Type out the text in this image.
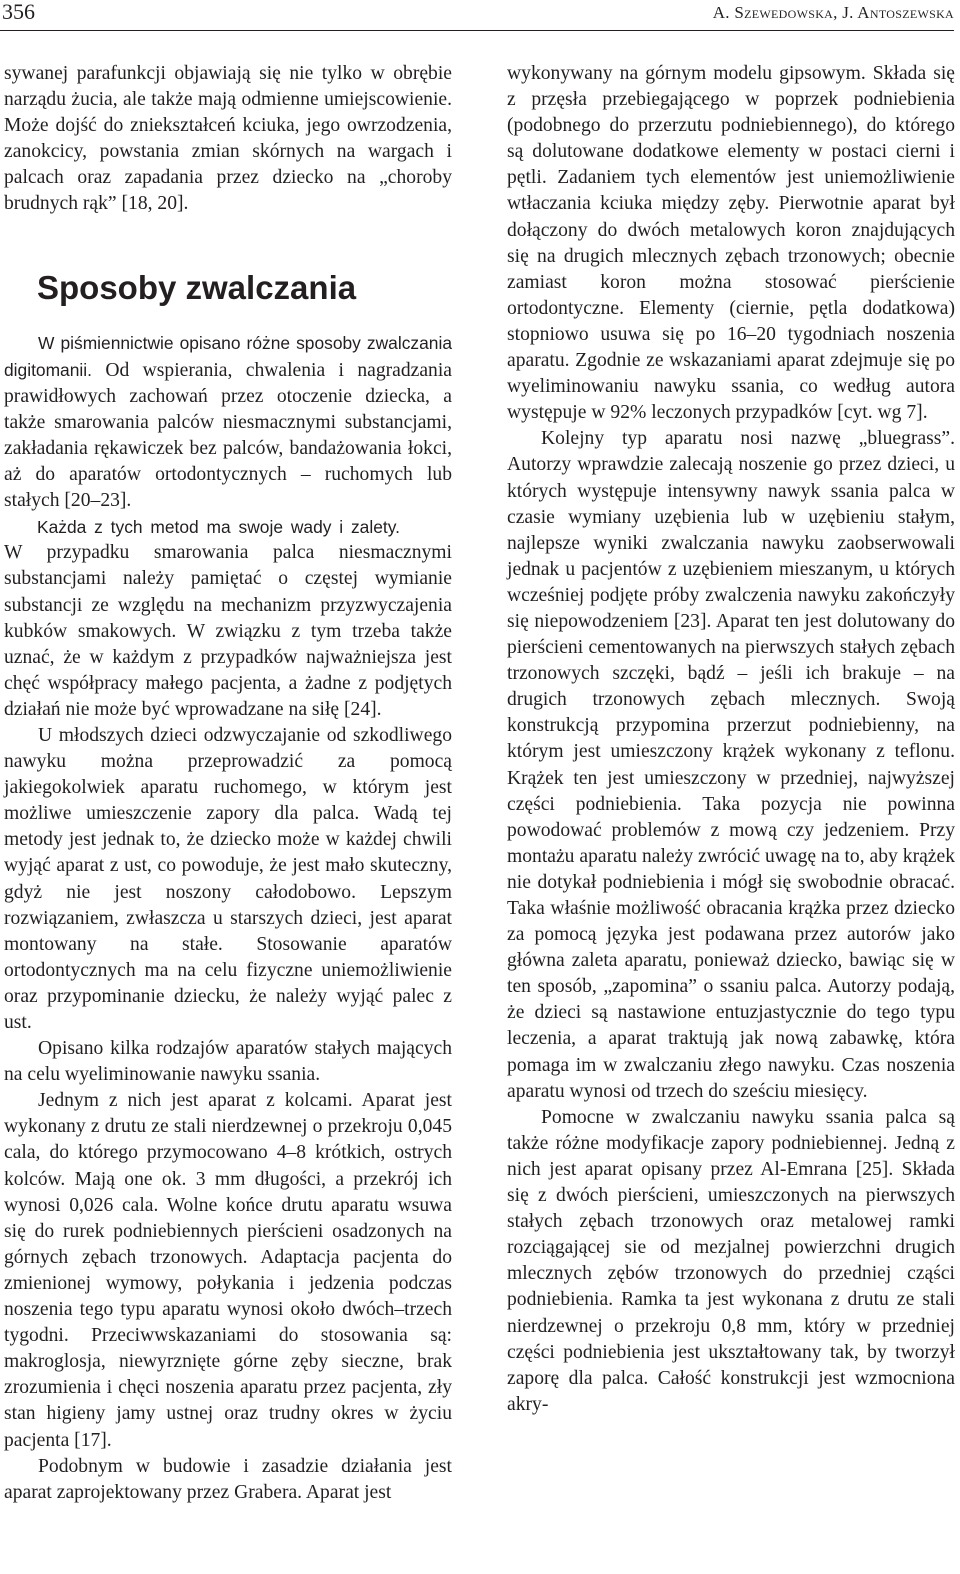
356	A. Szewedowska, J. Antoszewska

sywanej parafunkcji objawiają się nie tylko w obrębie narządu żucia, ale także mają odmienne umiejscowienie. Może dojść do zniekształceń kciuka, jego owrzodzenia, zanokcicy, powstania zmian skórnych na wargach i palcach oraz zapadania przez dziecko na „choroby brudnych rąk” [18, 20].

Sposoby zwalczania

W piśmiennictwie opisano różne sposoby zwalczania digitomanii. Od wspierania, chwalenia i nagradzania prawidłowych zachowań przez otoczenie dziecka, a także smarowania palców niesmacznymi substancjami, zakładania rękawiczek bez palców, bandażowania łokci, aż do aparatów ortodontycznych – ruchomych lub stałych [20–23].

Każda z tych metod ma swoje wady i zalety.

W przypadku smarowania palca niesmacznymi substancjami należy pamiętać o częstej wymianie substancji ze względu na mechanizm przyzwyczajenia kubków smakowych. W związku z tym trzeba także uznać, że w każdym z przypadków najważniejsza jest chęć współpracy małego pacjenta, a żadne z podjętych działań nie może być wprowadzane na siłę [24].

U młodszych dzieci odzwyczajanie od szkodliwego nawyku można przeprowadzić za pomocą jakiegokolwiek aparatu ruchomego, w którym jest możliwe umieszczenie zapory dla palca. Wadą tej metody jest jednak to, że dziecko może w każdej chwili wyjąć aparat z ust, co powoduje, że jest mało skuteczny, gdyż nie jest noszony całodobowo. Lepszym rozwiązaniem, zwłaszcza u starszych dzieci, jest aparat montowany na stałe. Stosowanie aparatów ortodontycznych ma na celu fizyczne uniemożliwienie oraz przypominanie dziecku, że należy wyjąć palec z ust.

Opisano kilka rodzajów aparatów stałych mających na celu wyeliminowanie nawyku ssania.

Jednym z nich jest aparat z kolcami. Aparat jest wykonany z drutu ze stali nierdzewnej o przekroju 0,045 cala, do którego przymocowano 4–8 krótkich, ostrych kolców. Mają one ok. 3 mm długości, a przekrój ich wynosi 0,026 cala. Wolne końce drutu aparatu wsuwa się do rurek podniebiennych pierścieni osadzonych na górnych zębach trzonowych. Adaptacja pacjenta do zmienionej wymowy, połykania i jedzenia podczas noszenia tego typu aparatu wynosi około dwóch–trzech tygodni. Przeciwwskazaniami do stosowania są: makroglosja, niewyrznięte górne zęby sieczne, brak zrozumienia i chęci noszenia aparatu przez pacjenta, zły stan higieny jamy ustnej oraz trudny okres w życiu pacjenta [17].

Podobnym w budowie i zasadzie działania jest aparat zaprojektowany przez Grabera. Aparat jest

wykonywany na górnym modelu gipsowym. Składa się z przęsła przebiegającego w poprzek podniebienia (podobnego do przerzutu podniebiennego), do którego są dolutowane dodatkowe elementy w postaci cierni i pętli. Zadaniem tych elementów jest uniemożliwienie wtłaczania kciuka między zęby. Pierwotnie aparat był dołączony do dwóch metalowych koron znajdujących się na drugich mlecznych zębach trzonowych; obecnie zamiast koron można stosować pierścienie ortodontyczne. Elementy (ciernie, pętla dodatkowa) stopniowo usuwa się po 16–20 tygodniach noszenia aparatu. Zgodnie ze wskazaniami aparat zdejmuje się po wyeliminowaniu nawyku ssania, co według autora występuje w 92% leczonych przypadków [cyt. wg 7].

Kolejny typ aparatu nosi nazwę „bluegrass”. Autorzy wprawdzie zalecają noszenie go przez dzieci, u których występuje intensywny nawyk ssania palca w czasie wymiany uzębienia lub w uzębieniu stałym, najlepsze wyniki zwalczania nawyku zaobserwowali jednak u pacjentów z uzębieniem mieszanym, u których wcześniej podjęte próby zwalczenia nawyku zakończyły się niepowodzeniem [23]. Aparat ten jest dolutowany do pierścieni cementowanych na pierwszych stałych zębach trzonowych szczęki, bądź – jeśli ich brakuje – na drugich trzonowych zębach mlecznych. Swoją konstrukcją przypomina przerzut podniebienny, na którym jest umieszczony krążek wykonany z teflonu. Krążek ten jest umieszczony w przedniej, najwyższej części podniebienia. Taka pozycja nie powinna powodować problemów z mową czy jedzeniem. Przy montażu aparatu należy zwrócić uwagę na to, aby krążek nie dotykał podniebienia i mógł się swobodnie obracać. Taka właśnie możliwość obracania krążka przez dziecko za pomocą języka jest podawana przez autorów jako główna zaleta aparatu, ponieważ dziecko, bawiąc się w ten sposób, „zapomina” o ssaniu palca. Autorzy podają, że dzieci są nastawione entuzjastycznie do tego typu leczenia, a aparat traktują jak nową zabawkę, która pomaga im w zwalczaniu złego nawyku. Czas noszenia aparatu wynosi od trzech do sześciu miesięcy.

Pomocne w zwalczaniu nawyku ssania palca są także różne modyfikacje zapory podniebiennej. Jedną z nich jest aparat opisany przez Al-Emrana [25]. Składa się z dwóch pierścieni, umieszczonych na pierwszych stałych zębach trzonowych oraz metalowej ramki rozciągającej sie od mezjalnej powierzchni drugich mlecznych zębów trzonowych do przedniej cząści podniebienia. Ramka ta jest wykonana z drutu ze stali nierdzewnej o przekroju 0,8 mm, który w przedniej części podniebienia jest ukształtowany tak, by tworzył zaporę dla palca. Całość konstrukcji jest wzmocniona akry-
